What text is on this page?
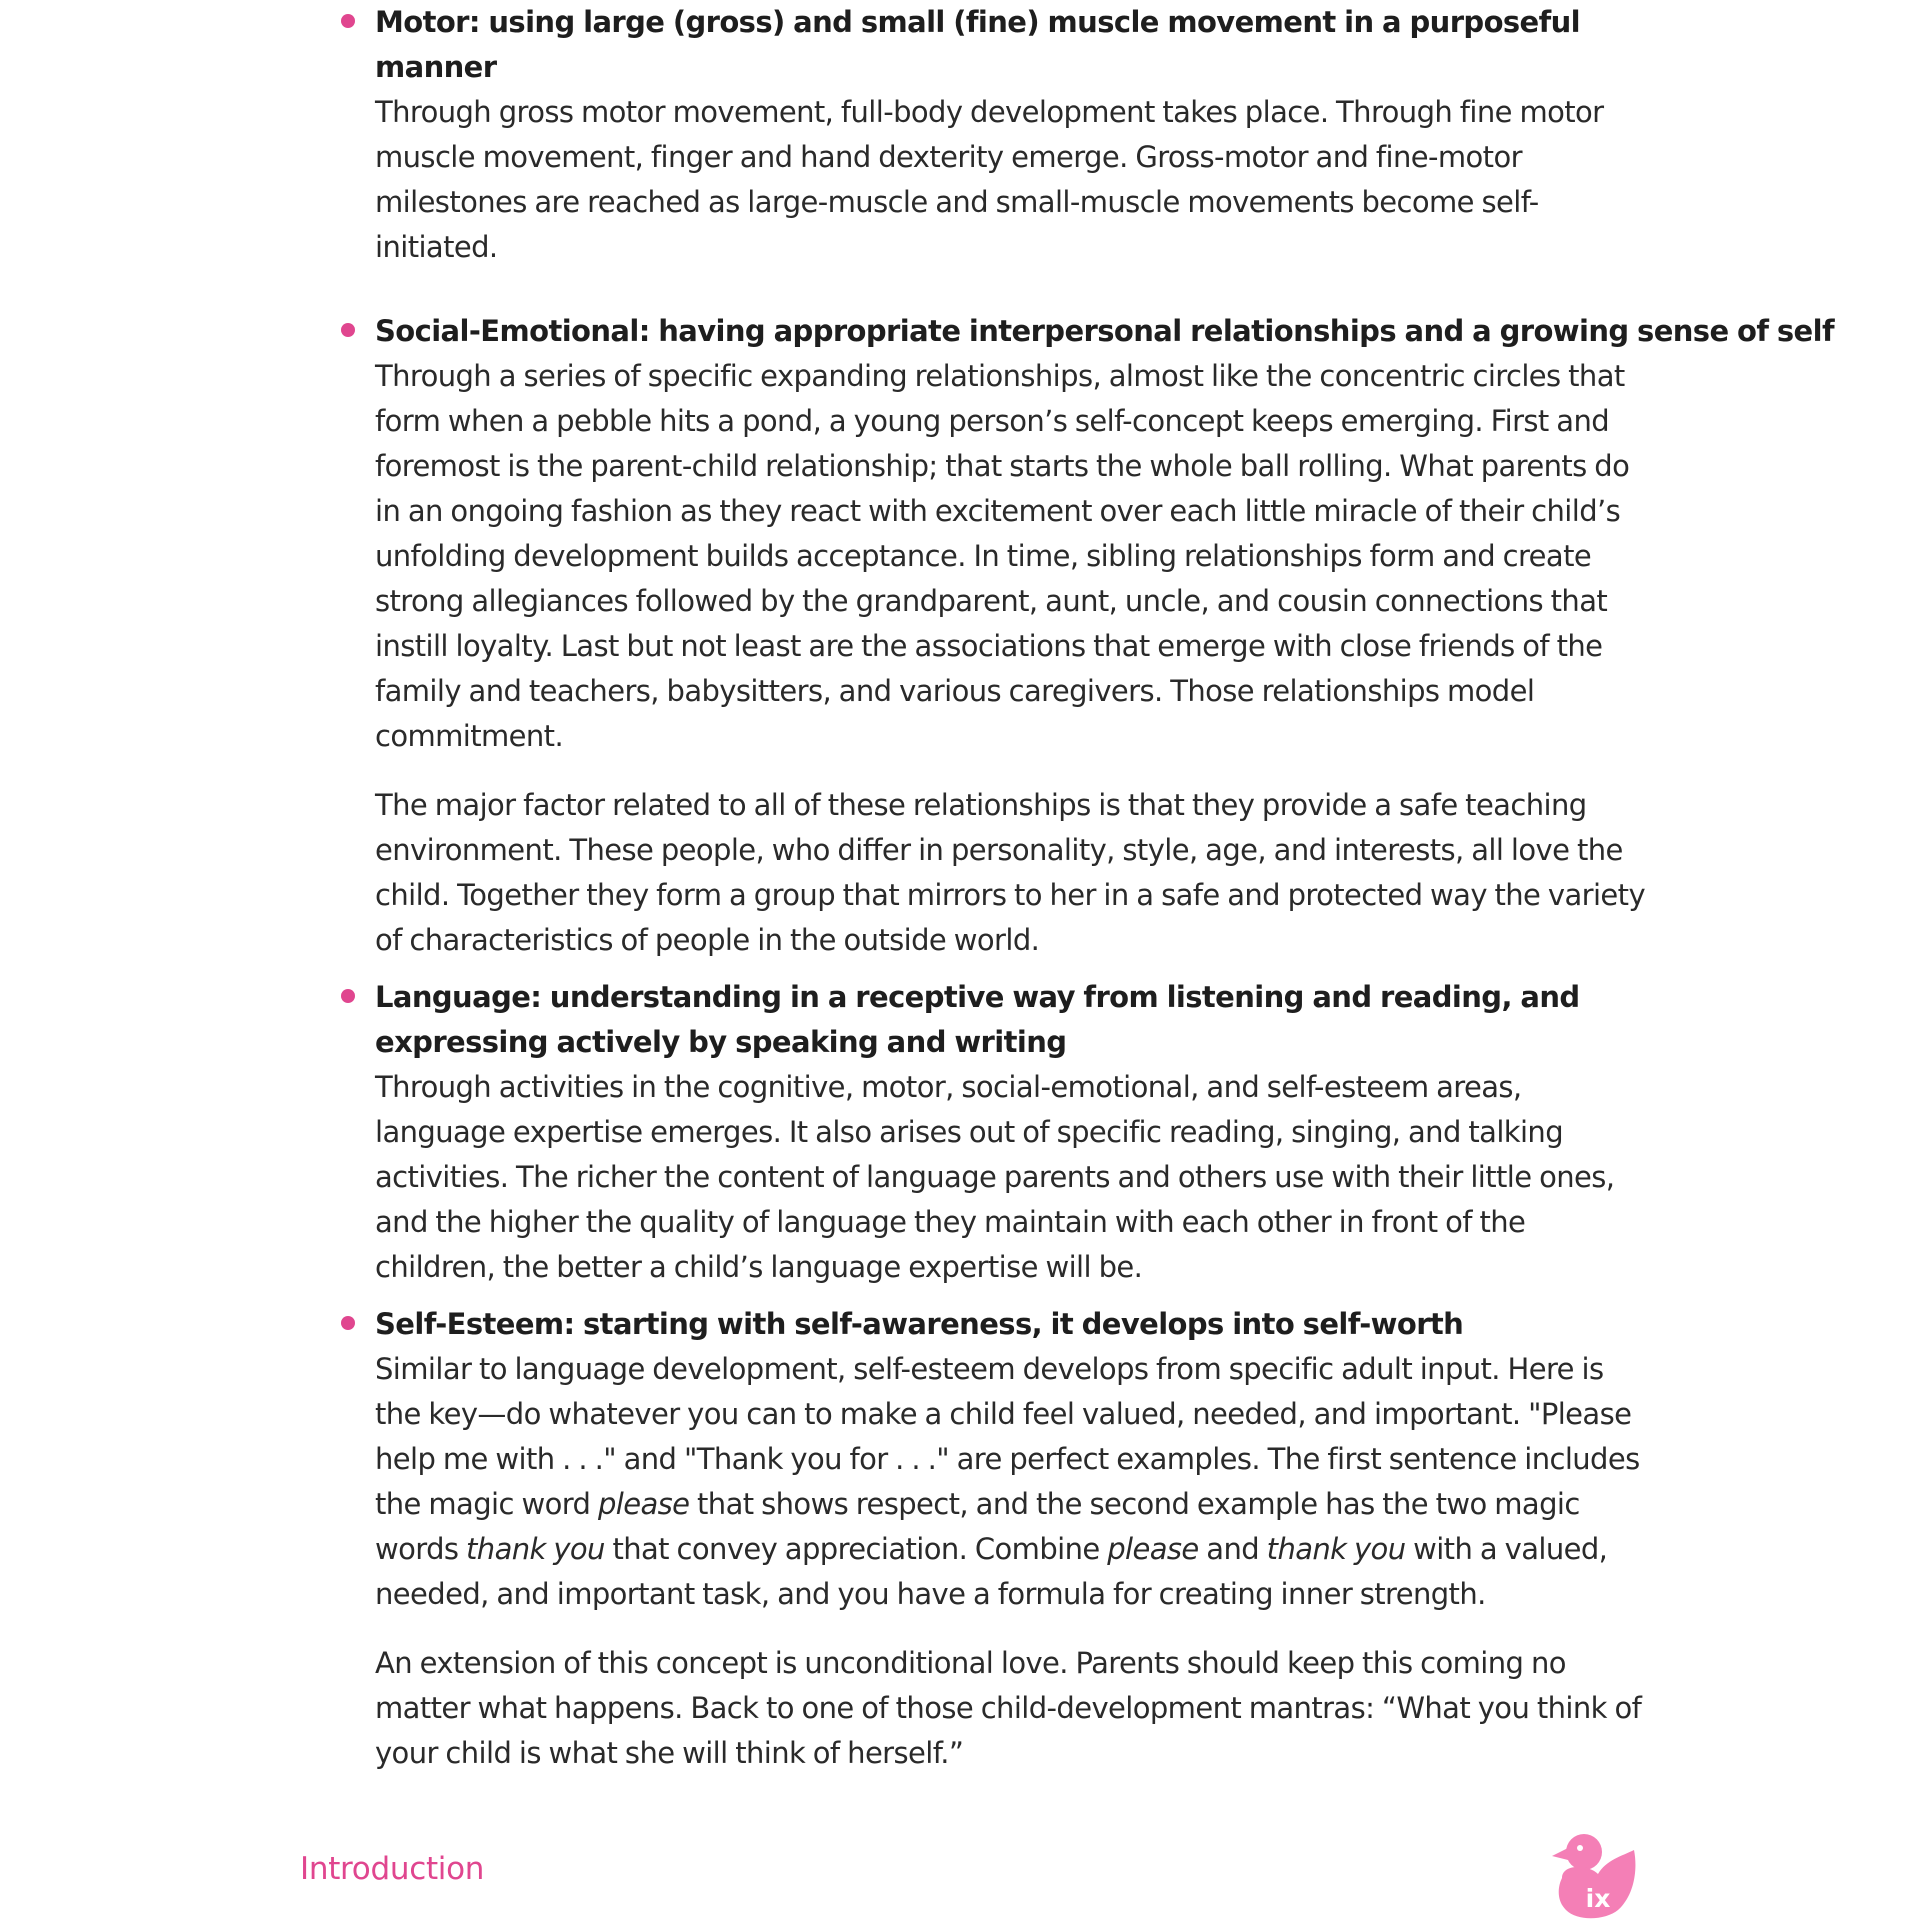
Motor: using large (gross) and small (fine) muscle movement in a purposeful manner

Through gross motor movement, full-body development takes place. Through fine motor muscle movement, finger and hand dexterity emerge. Gross-motor and fine-motor milestones are reached as large-muscle and small-muscle movements become self-initiated.

Social-Emotional: having appropriate interpersonal relationships and a growing sense of self

Through a series of specific expanding relationships, almost like the concentric circles that form when a pebble hits a pond, a young person’s self-concept keeps emerging. First and foremost is the parent-child relationship; that starts the whole ball rolling. What parents do in an ongoing fashion as they react with excitement over each little miracle of their child’s unfolding development builds acceptance. In time, sibling relationships form and create strong allegiances followed by the grandparent, aunt, uncle, and cousin connections that instill loyalty. Last but not least are the associations that emerge with close friends of the family and teachers, babysitters, and various caregivers. Those relationships model commitment.

The major factor related to all of these relationships is that they provide a safe teaching environment. These people, who differ in personality, style, age, and interests, all love the child. Together they form a group that mirrors to her in a safe and protected way the variety of characteristics of people in the outside world.

Language: understanding in a receptive way from listening and reading, and expressing actively by speaking and writing

Through activities in the cognitive, motor, social-emotional, and self-esteem areas, language expertise emerges. It also arises out of specific reading, singing, and talking activities. The richer the content of language parents and others use with their little ones, and the higher the quality of language they maintain with each other in front of the children, the better a child’s language expertise will be.

Self-Esteem: starting with self-awareness, it develops into self-worth

Similar to language development, self-esteem develops from specific adult input. Here is the key—do whatever you can to make a child feel valued, needed, and important. "Please help me with . . ." and "Thank you for . . ." are perfect examples. The first sentence includes the magic word please that shows respect, and the second example has the two magic words thank you that convey appreciation. Combine please and thank you with a valued, needed, and important task, and you have a formula for creating inner strength.

An extension of this concept is unconditional love. Parents should keep this coming no matter what happens. Back to one of those child-development mantras: “What you think of your child is what she will think of herself.”

Introduction
ix
